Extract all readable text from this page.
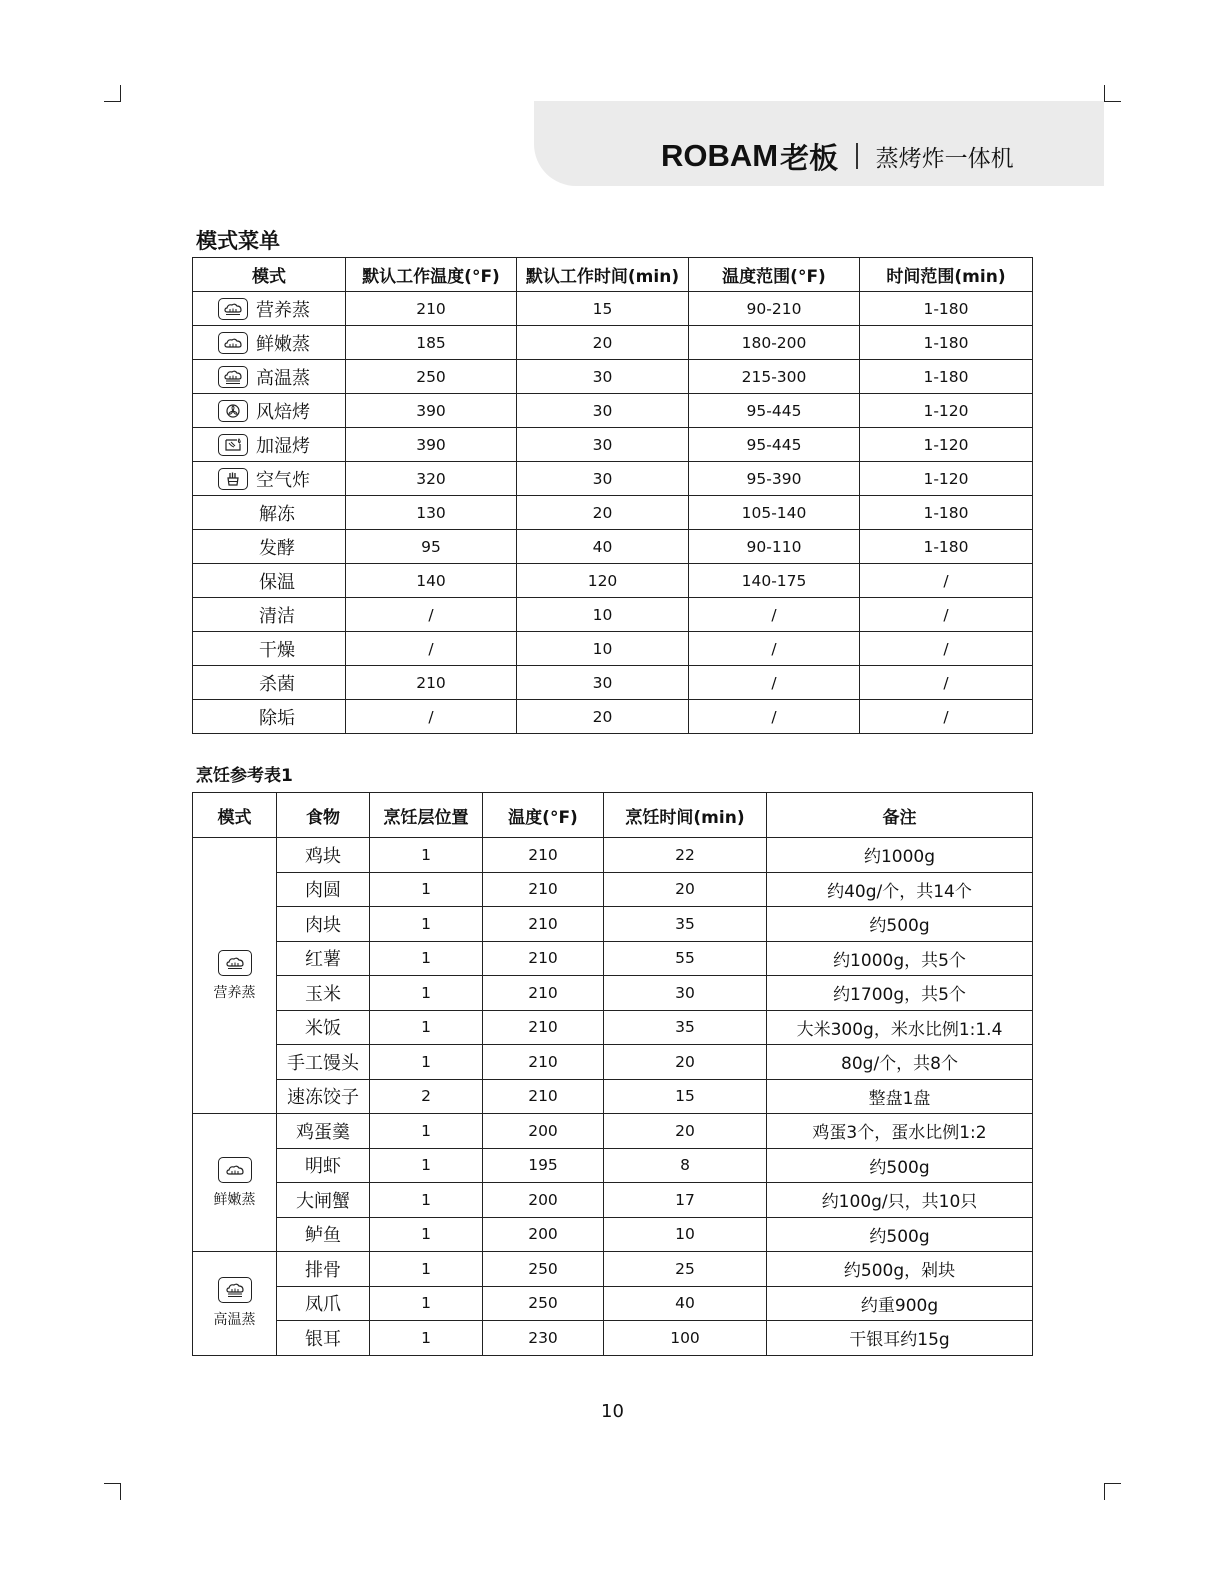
ROBAM 老板 蒸烤炸一体机
模式菜单
模式	默认工作温度(°F)	默认工作时间(min)	温度范围(°F)	时间范围(min)

营养蒸	210	15	90-210	1-180

鲜嫩蒸	185	20	180-200	1-180

高温蒸	250	30	215-300	1-180

风焙烤	390	30	95-445	1-120

加湿烤	390	30	95-445	1-120

空气炸	320	30	95-390	1-120

解冻	130	20	105-140	1-180

发酵	95	40	90-110	1-180

保温	140	120	140-175	/

清洁	/	10	/	/

干燥	/	10	/	/

杀菌	210	30	/	/

除垢	/	20	/	/
烹饪参考表1
模式	食物	烹饪层位置	温度(°F)	烹饪时间(min)	备注

营养蒸	鸡块	1	210	22	约1000g
	肉圆	1	210	20	约40g/个，共14个
	肉块	1	210	35	约500g
	红薯	1	210	55	约1000g，共5个
	玉米	1	210	30	约1700g，共5个
	米饭	1	210	35	大米300g，米水比例1:1.4
	手工馒头	1	210	20	80g/个，共8个
	速冻饺子	2	210	15	整盘1盘

鲜嫩蒸	鸡蛋羹	1	200	20	鸡蛋3个，蛋水比例1:2
	明虾	1	195	8	约500g
	大闸蟹	1	200	17	约100g/只，共10只
	鲈鱼	1	200	10	约500g

高温蒸	排骨	1	250	25	约500g，剁块
	凤爪	1	250	40	约重900g
	银耳	1	230	100	干银耳约15g
10
